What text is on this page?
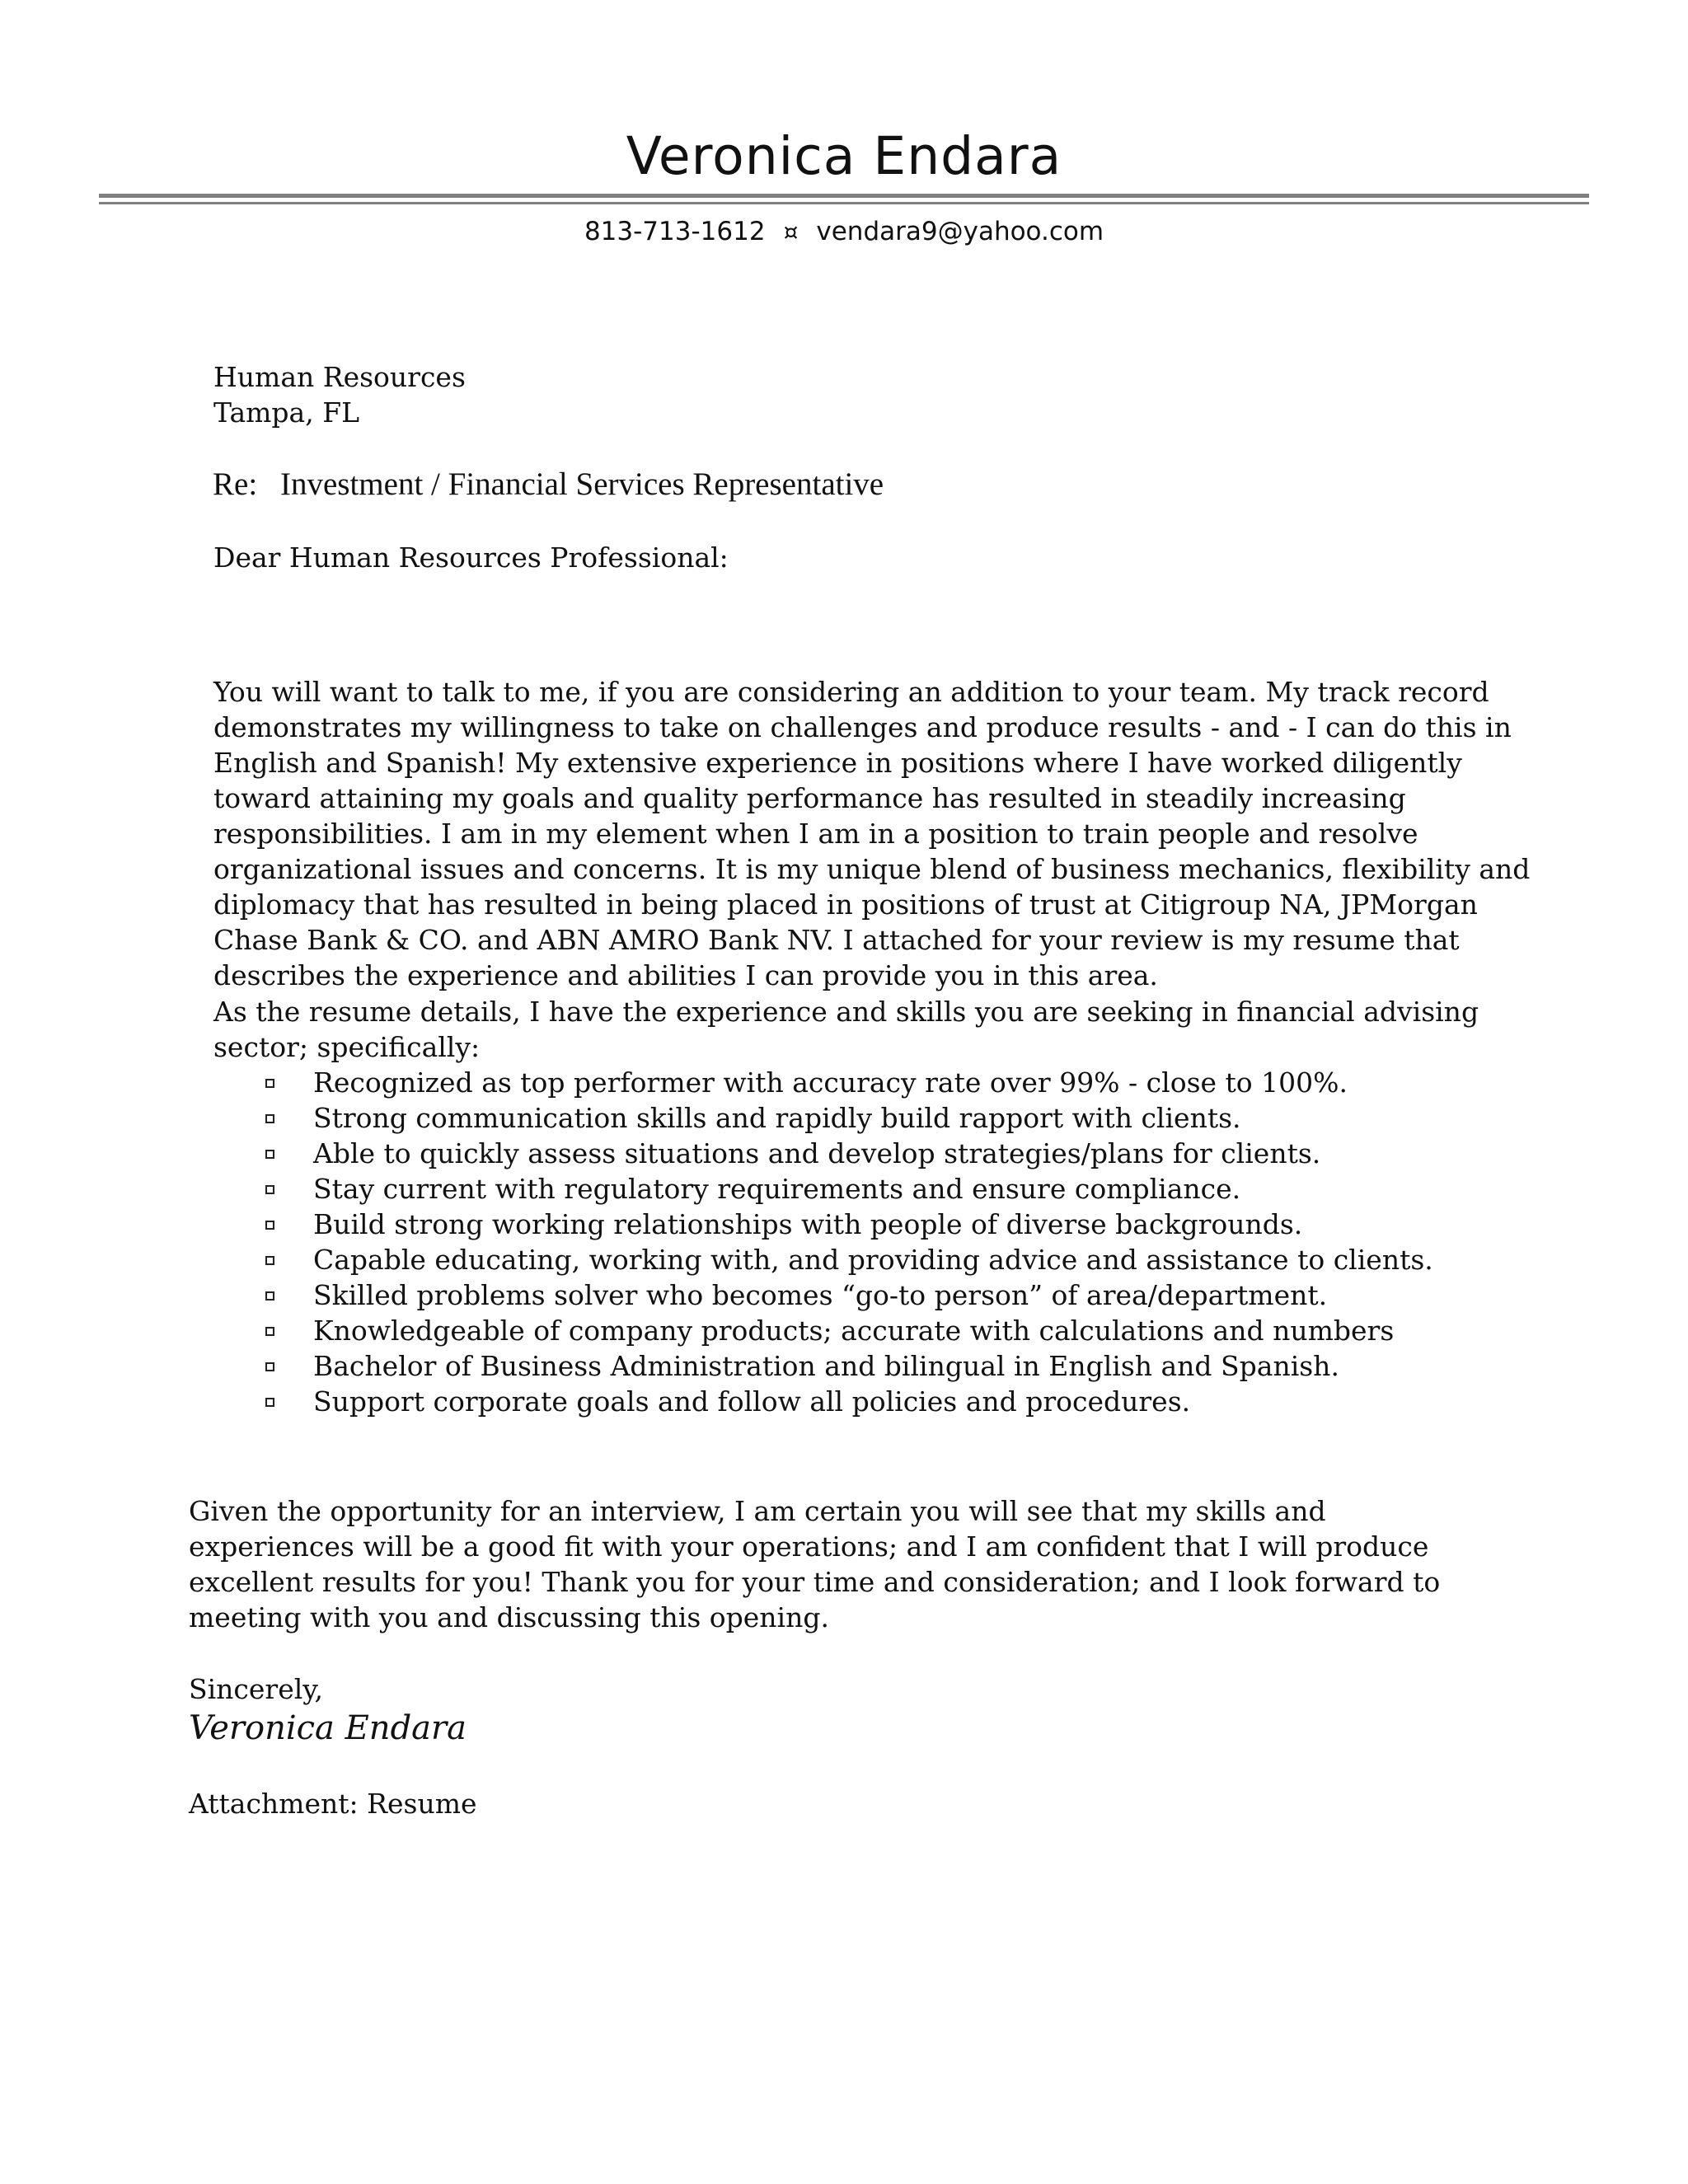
Veronica Endara
813-713-1612 ¤ vendara9@yahoo.com
Human Resources
Tampa, FL
Re: Investment / Financial Services Representative
Dear Human Resources Professional:

You will want to talk to me, if you are considering an addition to your team. My track record demonstrates my willingness to take on challenges and produce results - and - I can do this in English and Spanish! My extensive experience in positions where I have worked diligently toward attaining my goals and quality performance has resulted in steadily increasing responsibilities. I am in my element when I am in a position to train people and resolve organizational issues and concerns. It is my unique blend of business mechanics, flexibility and diplomacy that has resulted in being placed in positions of trust at Citigroup NA, JPMorgan Chase Bank & CO. and ABN AMRO Bank NV. I attached for your review is my resume that describes the experience and abilities I can provide you in this area.

As the resume details, I have the experience and skills you are seeking in financial advising sector; specifically:

Recognized as top performer with accuracy rate over 99% - close to 100%.
Strong communication skills and rapidly build rapport with clients.
Able to quickly assess situations and develop strategies/plans for clients.
Stay current with regulatory requirements and ensure compliance.
Build strong working relationships with people of diverse backgrounds.
Capable educating, working with, and providing advice and assistance to clients.
Skilled problems solver who becomes “go-to person” of area/department.
Knowledgeable of company products; accurate with calculations and numbers
Bachelor of Business Administration and bilingual in English and Spanish.
Support corporate goals and follow all policies and procedures.

Given the opportunity for an interview, I am certain you will see that my skills and experiences will be a good fit with your operations; and I am confident that I will produce excellent results for you! Thank you for your time and consideration; and I look forward to meeting with you and discussing this opening.

Sincerely,
Veronica Endara
Attachment: Resume
